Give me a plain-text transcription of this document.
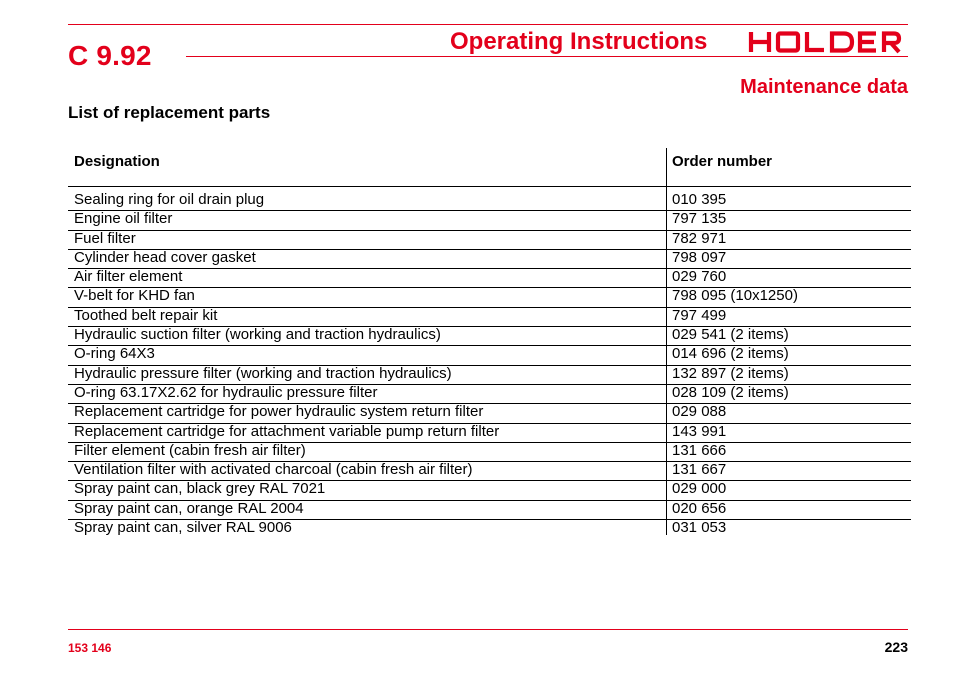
C 9.92	Operating Instructions
Maintenance data
List of replacement parts
Designation	Order number
Sealing ring for oil drain plug	010 395
Engine oil filter	797 135
Fuel filter	782 971
Cylinder head cover gasket	798 097
Air filter element	029 760
V-belt for KHD fan	798 095 (10x1250)
Toothed belt repair kit	797 499
Hydraulic suction filter (working and traction hydraulics)	029 541 (2 items)
O-ring 64X3	014 696 (2 items)
Hydraulic pressure filter (working and traction hydraulics)	132 897 (2 items)
O-ring 63.17X2.62 for hydraulic pressure filter	028 109 (2 items)
Replacement cartridge for power hydraulic system return filter	029 088
Replacement cartridge for attachment variable pump return filter	143 991
Filter element (cabin fresh air filter)	131 666
Ventilation filter with activated charcoal (cabin fresh air filter)	131 667
Spray paint can, black grey RAL 7021	029 000
Spray paint can, orange RAL 2004	020 656
Spray paint can, silver RAL 9006	031 053
153 146	223
